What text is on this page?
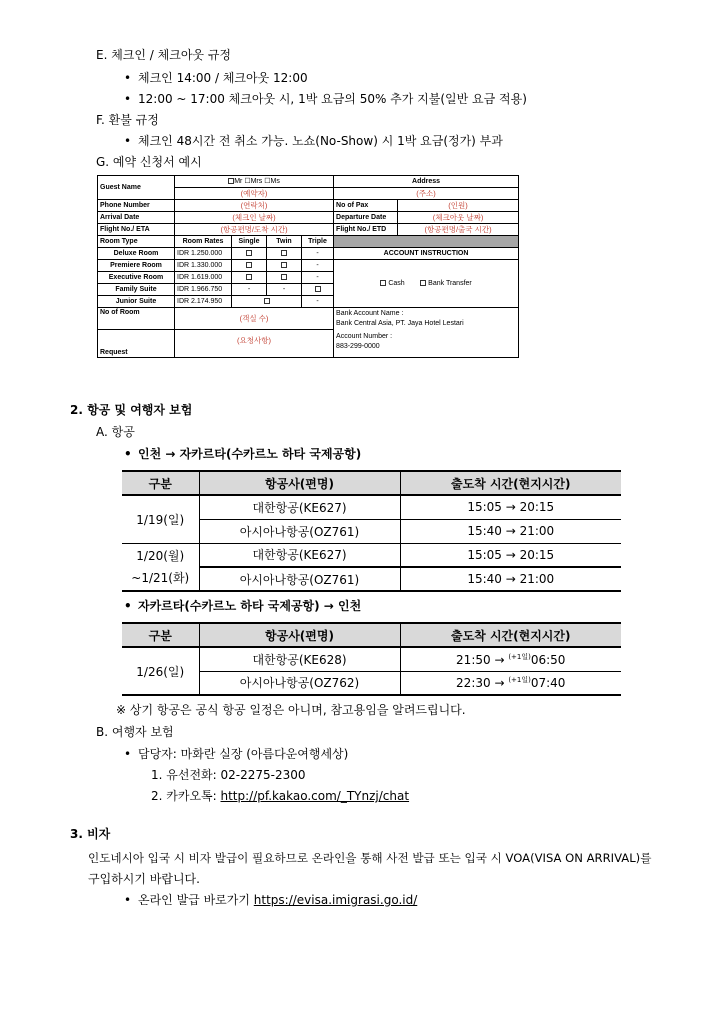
E. 체크인 / 체크아웃 규정
• 체크인 14:00 / 체크아웃 12:00
• 12:00 ~ 17:00 체크아웃 시, 1박 요금의 50% 추가 지불(일반 요금 적용)
F. 환불 규정
• 체크인 48시간 전 취소 가능. 노쇼(No-Show) 시 1박 요금(정가) 부과
G. 예약 신청서 예시
Guest Name	Mr ☐Mrs ☐Ms				Address	
	(예약자)				(주소)	
Phone Number	(연락처)				No of Pax	(인원)
Arrival Date	(체크인 날짜)				Departure Date	(체크아웃 날짜)
Flight No./ ETA	(항공편명/도착 시간)				Flight No./ ETD	(항공편명/출국 시간)
Room Type	Room Rates	Single	Twin	Triple		
Deluxe Room	IDR 1.250.000			-	ACCOUNT INSTRUCTION	
Premiere Room	IDR 1.330.000			-	Cash Bank Transfer	
Executive Room	IDR 1.619.000			-		
Family Suite	IDR 1.966.750	-	-			
Junior Suite	IDR 2.174.950			-		
No of Room	(객실 수)				Bank Account Name :
Bank Central Asia, PT. Jaya Hotel Lestari	

Request	(요청사항)				Account Number :
883-299-0000	
2. 항공 및 여행자 보험
A. 항공
• 인천 → 자카르타(수카르노 하타 국제공항)
구분	항공사(편명)	출도착 시간(현지시간)
1/19(일)	대한항공(KE627)	15:05 → 20:15
	아시아나항공(OZ761)	15:40 → 21:00

1/20(월)
~1/21(화)	대한항공(KE627)	15:05 → 20:15
	아시아나항공(OZ761)	15:40 → 21:00
• 자카르타(수카르노 하타 국제공항) → 인천
구분	항공사(편명)	출도착 시간(현지시간)
1/26(일)	대한항공(KE628)	21:50 → $^{(+1일)}$06:50
	아시아나항공(OZ762)	22:30 → $^{(+1일)}$07:40
※ 상기 항공은 공식 항공 일정은 아니며, 참고용임을 알려드립니다.
B. 여행자 보험
• 담당자: 마화란 실장 (아름다운여행세상)
1. 유선전화: 02-2275-2300
2. 카카오톡: http://pf.kakao.com/_TYnzj/chat
3. 비자
인도네시아 입국 시 비자 발급이 필요하므로 온라인을 통해 사전 발급 또는 입국 시 VOA(VISA ON ARRIVAL)를
구입하시기 바랍니다.
• 온라인 발급 바로가기 https://evisa.imigrasi.go.id/
